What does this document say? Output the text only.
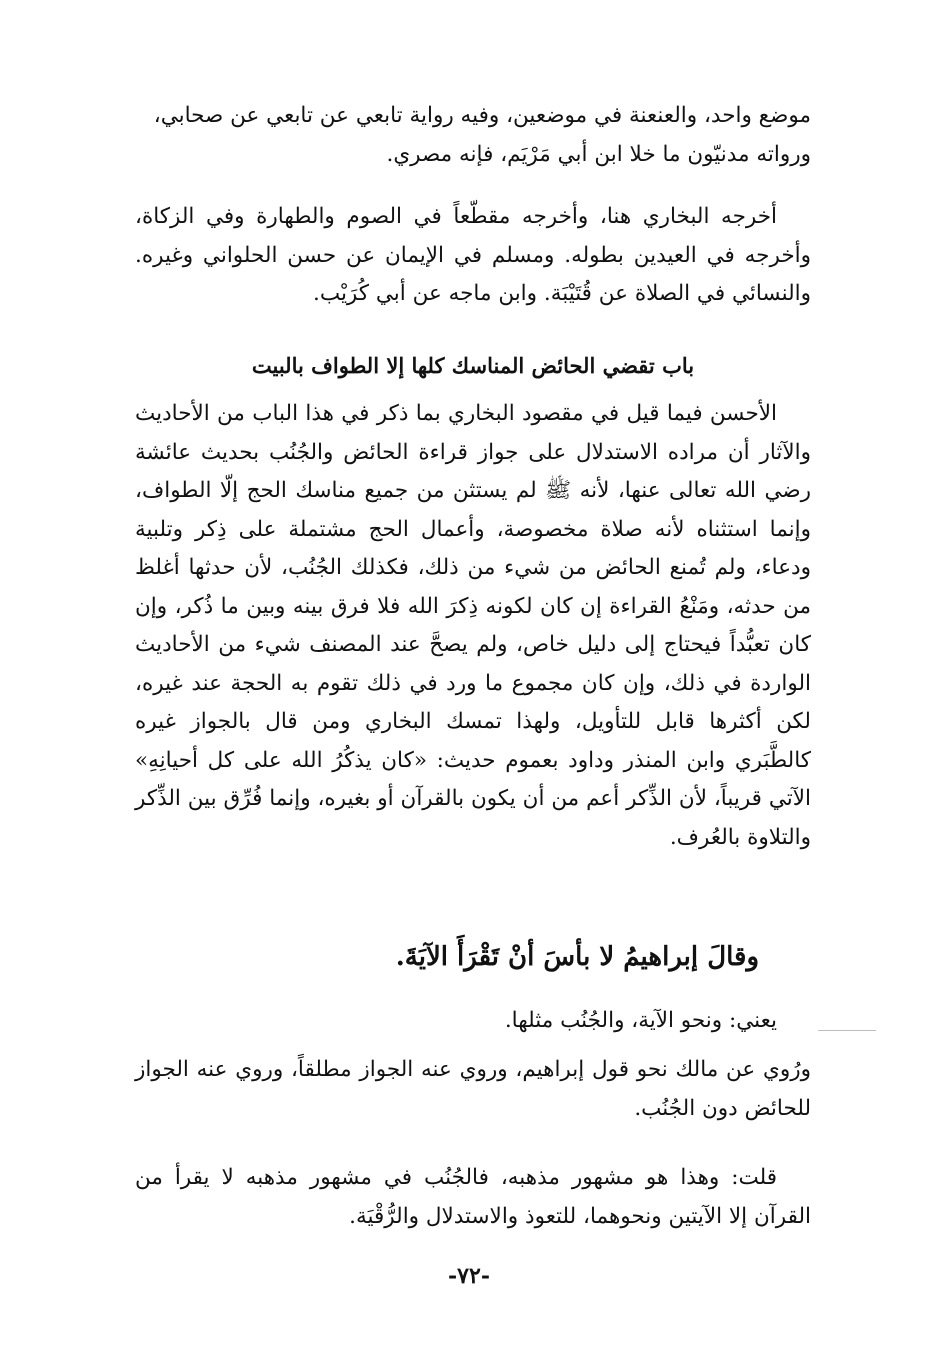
موضع واحد، والعنعنة في موضعين، وفيه رواية تابعي عن تابعي عن صحابي، ورواته مدنيّون ما خلا ابن أبي مَرْيَم، فإنه مصري.

أخرجه البخاري هنا، وأخرجه مقطّعاً في الصوم والطهارة وفي الزكاة، وأخرجه في العيدين بطوله. ومسلم في الإيمان عن حسن الحلواني وغيره. والنسائي في الصلاة عن قُتَيْبَة. وابن ماجه عن أبي كُرَيْب.

باب تقضي الحائض المناسك كلها إلا الطواف بالبيت

الأحسن فيما قيل في مقصود البخاري بما ذكر في هذا الباب من الأحاديث والآثار أن مراده الاستدلال على جواز قراءة الحائض والجُنُب بحديث عائشة رضي الله تعالى عنها، لأنه ﷺ لم يستثن من جميع مناسك الحج إلّا الطواف، وإنما استثناه لأنه صلاة مخصوصة، وأعمال الحج مشتملة على ذِكر وتلبية ودعاء، ولم تُمنع الحائض من شيء من ذلك، فكذلك الجُنُب، لأن حدثها أغلظ من حدثه، ومَنْعُ القراءة إن كان لكونه ذِكرَ الله فلا فرق بينه وبين ما ذُكر، وإن كان تعبُّداً فيحتاج إلى دليل خاص، ولم يصحَّ عند المصنف شيء من الأحاديث الواردة في ذلك، وإن كان مجموع ما ورد في ذلك تقوم به الحجة عند غيره، لكن أكثرها قابل للتأويل، ولهذا تمسك البخاري ومن قال بالجواز غيره كالطَّبَري وابن المنذر وداود بعموم حديث: «كان يذكُرُ الله على كل أحيانِهِ» الآتي قريباً، لأن الذِّكر أعم من أن يكون بالقرآن أو بغيره، وإنما فُرِّق بين الذِّكر والتلاوة بالعُرف.

وقالَ إبراهيمُ لا بأسَ أنْ تَقْرَأَ الآيَةَ.

يعني: ونحو الآية، والجُنُب مثلها.

ورُوي عن مالك نحو قول إبراهيم، وروي عنه الجواز مطلقاً، وروي عنه الجواز للحائض دون الجُنُب.

قلت: وهذا هو مشهور مذهبه، فالجُنُب في مشهور مذهبه لا يقرأ من القرآن إلا الآيتين ونحوهما، للتعوذ والاستدلال والرُّقْيَة.

-٧٢-
